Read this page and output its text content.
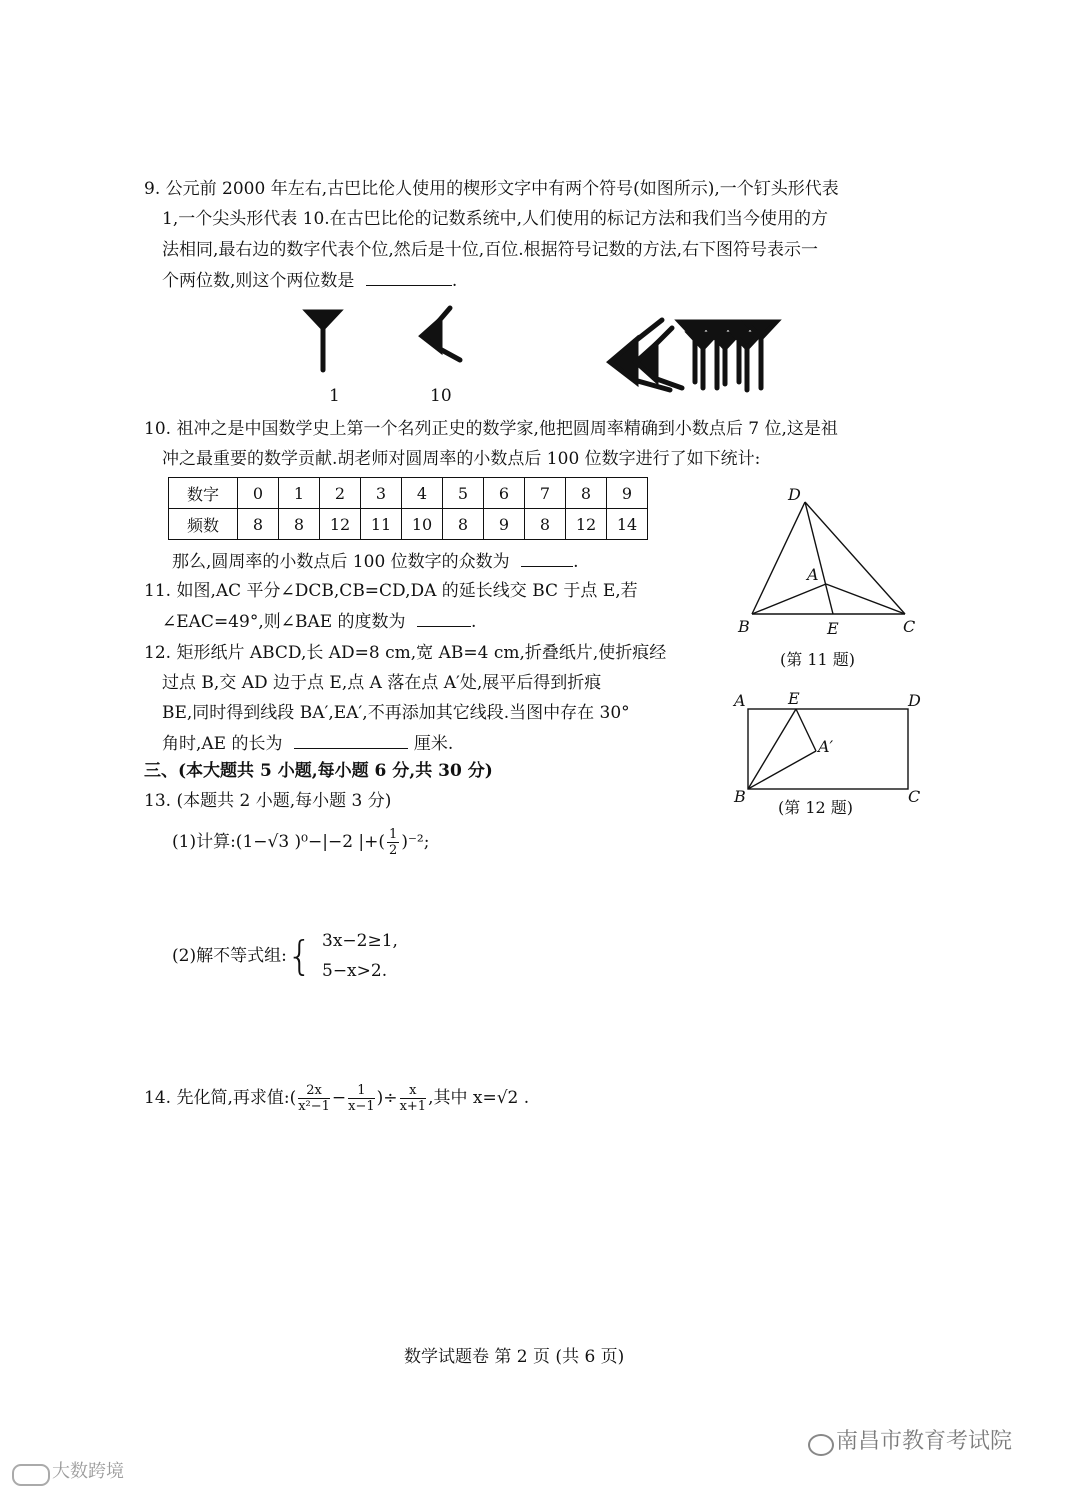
9. 公元前 2000 年左右,古巴比伦人使用的楔形文字中有两个符号(如图所示),一个钉头形代表
1,一个尖头形代表 10.在古巴比伦的记数系统中,人们使用的标记方法和我们当今使用的方
法相同,最右边的数字代表个位,然后是十位,百位.根据符号记数的方法,右下图符号表示一
个两位数,则这个两位数是	.
1	10
10. 祖冲之是中国数学史上第一个名列正史的数学家,他把圆周率精确到小数点后 7 位,这是祖
冲之最重要的数学贡献.胡老师对圆周率的小数点后 100 位数字进行了如下统计:
数字	0	1	2	3	4	5	6	7	8	9
频数	8	8	12	11	10	8	9	8	12	14
那么,圆周率的小数点后 100 位数字的众数为	.
11. 如图,AC 平分∠DCB,CB=CD,DA 的延长线交 BC 于点 E,若
∠EAC=49°,则∠BAE 的度数为	.
D
A
B	E	C
(第 11 题)
12. 矩形纸片 ABCD,长 AD=8 cm,宽 AB=4 cm,折叠纸片,使折痕经
过点 B,交 AD 边于点 E,点 A 落在点 A′处,展平后得到折痕
BE,同时得到线段 BA′,EA′,不再添加其它线段.当图中存在 30°
角时,AE 的长为	厘米.
A	E	D
A′
B	C
(第 12 题)
三、(本大题共 5 小题,每小题 6 分,共 30 分)
13. (本题共 2 小题,每小题 3 分)
(1)计算:(1−√3 )⁰−|−2 |+( $\frac{1}{2} )^{-2}$;
(2)解不等式组:{ 3x−2≥1,
5−x>2.
14. 先化简,再求值:( $\frac{2x}{\text{x²−1}} - \frac{1}{x-1}$ )÷ $\frac{x}{x+1}$ ,其中 x=√2 .
数学试题卷 第 2 页 (共 6 页)
南昌市教育考试院
大数跨境
